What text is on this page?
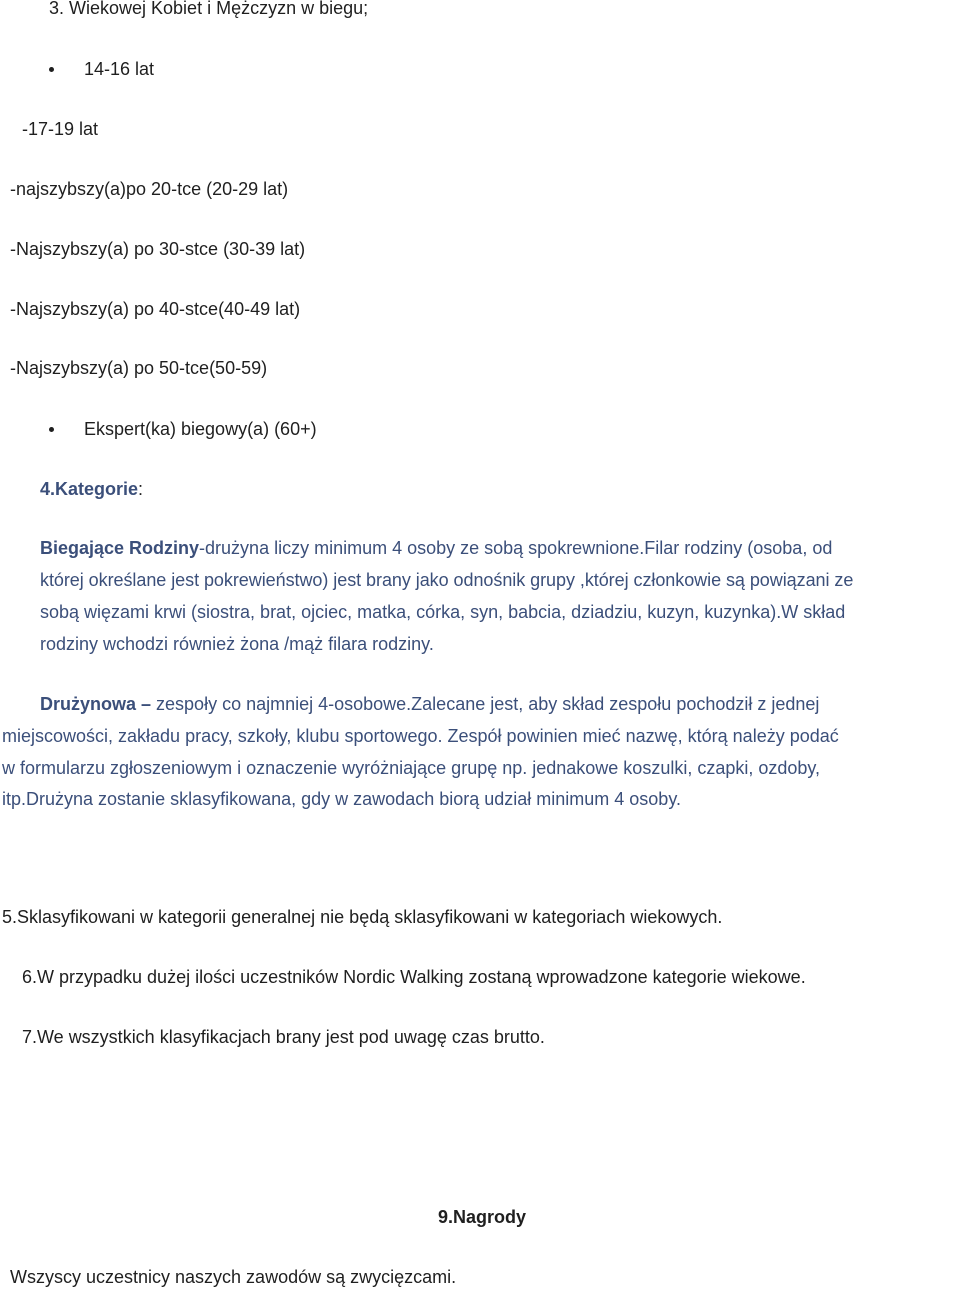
3. Wiekowej Kobiet i Mężczyzn w biegu;
14-16 lat
-17-19 lat
-najszybszy(a)po 20-tce (20-29 lat)
-Najszybszy(a) po 30-stce (30-39 lat)
-Najszybszy(a) po 40-stce(40-49 lat)
-Najszybszy(a) po 50-tce(50-59)
Ekspert(ka) biegowy(a) (60+)
4.Kategorie:
Biegające Rodziny-drużyna liczy minimum 4 osoby ze sobą spokrewnione.Filar rodziny (osoba, od
której określane jest pokrewieństwo) jest brany jako odnośnik grupy ,której członkowie są powiązani ze
sobą więzami krwi (siostra, brat, ojciec, matka, córka, syn, babcia, dziadziu, kuzyn, kuzynka).W skład
rodziny wchodzi również żona /mąż filara rodziny.
Drużynowa – zespoły co najmniej 4-osobowe.Zalecane jest, aby skład zespołu pochodził z jednej
miejscowości, zakładu pracy, szkoły, klubu sportowego. Zespół powinien mieć nazwę, którą należy podać
w formularzu zgłoszeniowym i oznaczenie wyróżniające grupę np. jednakowe koszulki, czapki, ozdoby,
itp.Drużyna zostanie sklasyfikowana, gdy w zawodach biorą udział minimum 4 osoby.
5.Sklasyfikowani w kategorii generalnej nie będą sklasyfikowani w kategoriach wiekowych.
6.W przypadku dużej ilości uczestników Nordic Walking zostaną wprowadzone kategorie wiekowe.
7.We wszystkich klasyfikacjach brany jest pod uwagę czas brutto.
9.Nagrody
Wszyscy uczestnicy naszych zawodów są zwycięzcami.
